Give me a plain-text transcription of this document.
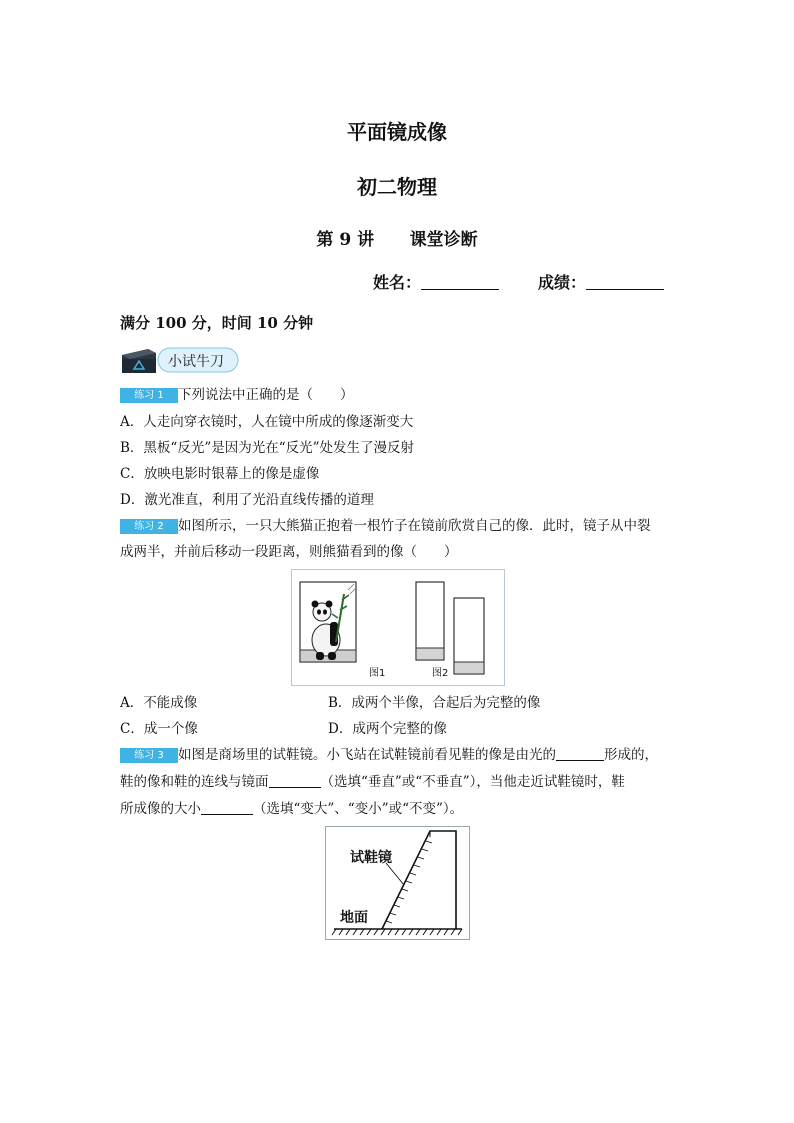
平面镜成像
初二物理
第 9 讲 课堂诊断
姓名：	成绩：
满分 100 分，时间 10 分钟
小试牛刀
练习 1 下列说法中正确的是（　　）
A．人走向穿衣镜时，人在镜中所成的像逐渐变大
B．黑板“反光”是因为光在“反光”处发生了漫反射
C．放映电影时银幕上的像是虚像
D．激光准直，利用了光沿直线传播的道理
练习 2 如图所示，一只大熊猫正抱着一根竹子在镜前欣赏自己的像．此时，镜子从中裂
成两半，并前后移动一段距离，则熊猫看到的像（　　）
图1	图2
A．不能成像	B．成两个半像，合起后为完整的像
C．成一个像	D．成两个完整的像
练习 3 如图是商场里的试鞋镜。小飞站在试鞋镜前看见鞋的像是由光的	形成的，
鞋的像和鞋的连线与镜面	（选填“垂直”或“不垂直”），当他走近试鞋镜时，鞋
所成像的大小	（选填“变大”、“变小”或“不变”）。
试鞋镜
地面
